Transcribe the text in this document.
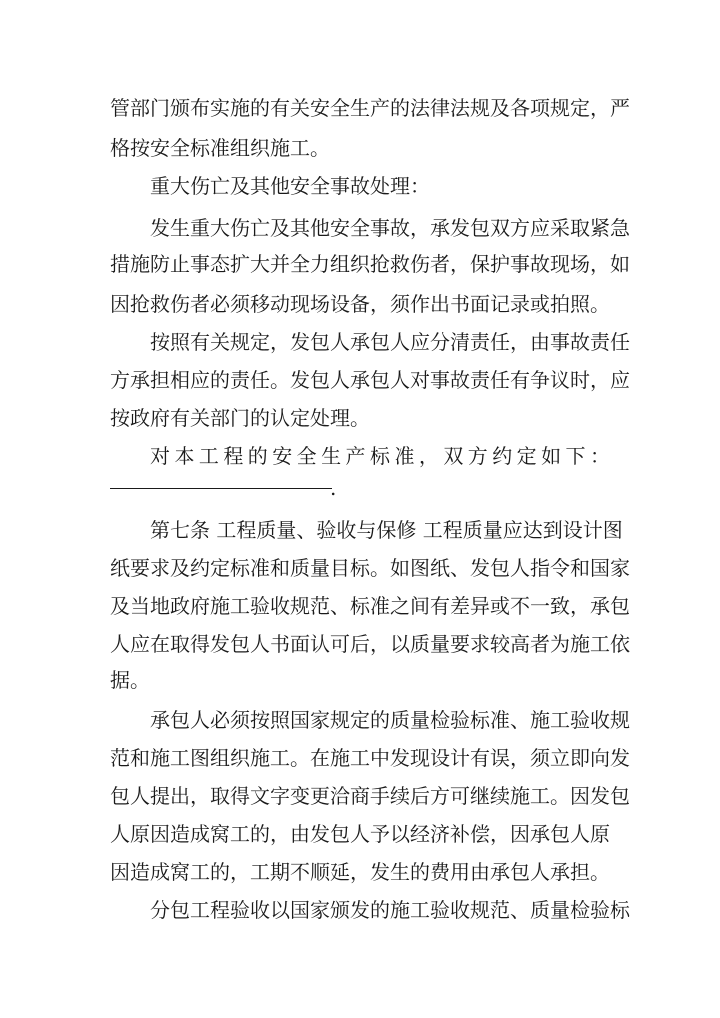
管部门颁布实施的有关安全生产的法律法规及各项规定，严
格按安全标准组织施工。
重大伤亡及其他安全事故处理：
发生重大伤亡及其他安全事故，承发包双方应采取紧急
措施防止事态扩大并全力组织抢救伤者，保护事故现场，如
因抢救伤者必须移动现场设备，须作出书面记录或拍照。
按照有关规定，发包人承包人应分清责任，由事故责任
方承担相应的责任。发包人承包人对事故责任有争议时，应
按政府有关部门的认定处理。
对本工程的安全生产标准，双方约定如下：
.
第七条 工程质量、验收与保修 工程质量应达到设计图
纸要求及约定标准和质量目标。如图纸、发包人指令和国家
及当地政府施工验收规范、标准之间有差异或不一致，承包
人应在取得发包人书面认可后，以质量要求较高者为施工依
据。
承包人必须按照国家规定的质量检验标准、施工验收规
范和施工图组织施工。在施工中发现设计有误，须立即向发
包人提出，取得文字变更洽商手续后方可继续施工。因发包
人原因造成窝工的，由发包人予以经济补偿，因承包人原
因造成窝工的，工期不顺延，发生的费用由承包人承担。
分包工程验收以国家颁发的施工验收规范、质量检验标
